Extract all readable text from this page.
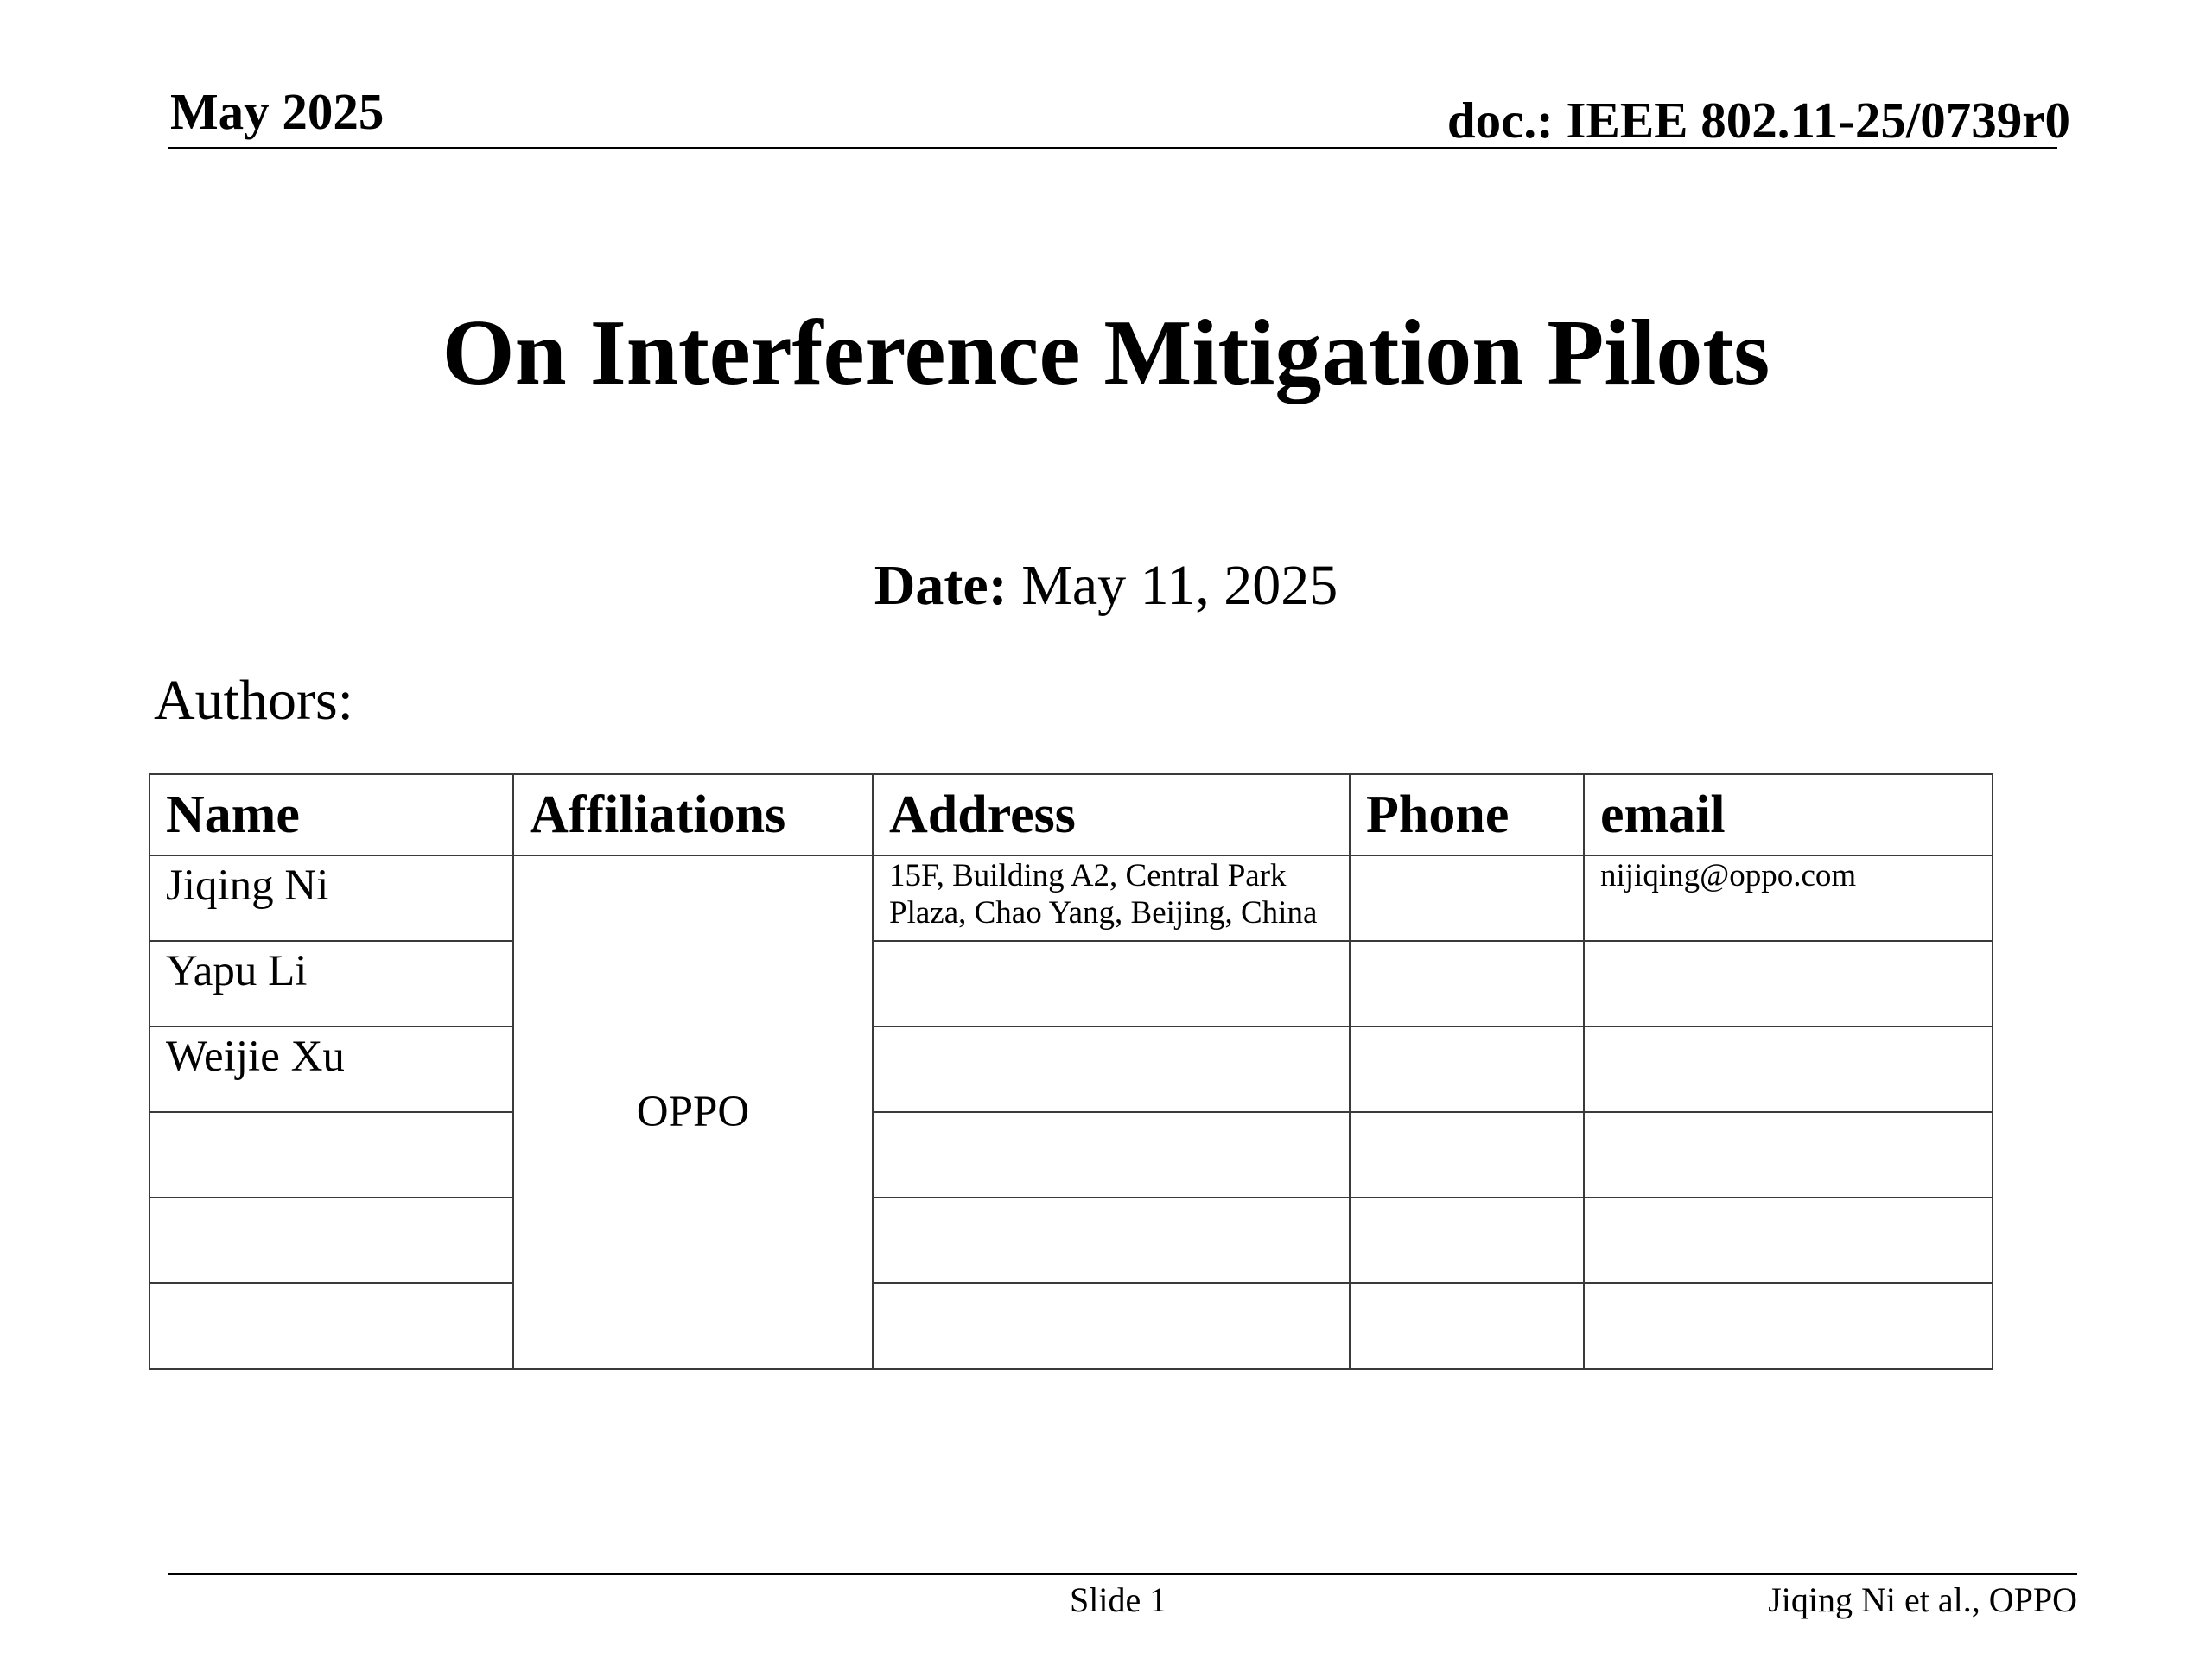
May 2025	doc.: IEEE 802.11-25/0739r0
On Interference Mitigation Pilots
Date: May 11, 2025
Authors:
Name	Affiliations	Address	Phone	email
Jiqing Ni	OPPO	15F, Building A2, Central Park Plaza, Chao Yang, Beijing, China		nijiqing@oppo.com
Yapu Li				
Weijie Xu				

Slide 1	Jiqing Ni et al., OPPO
